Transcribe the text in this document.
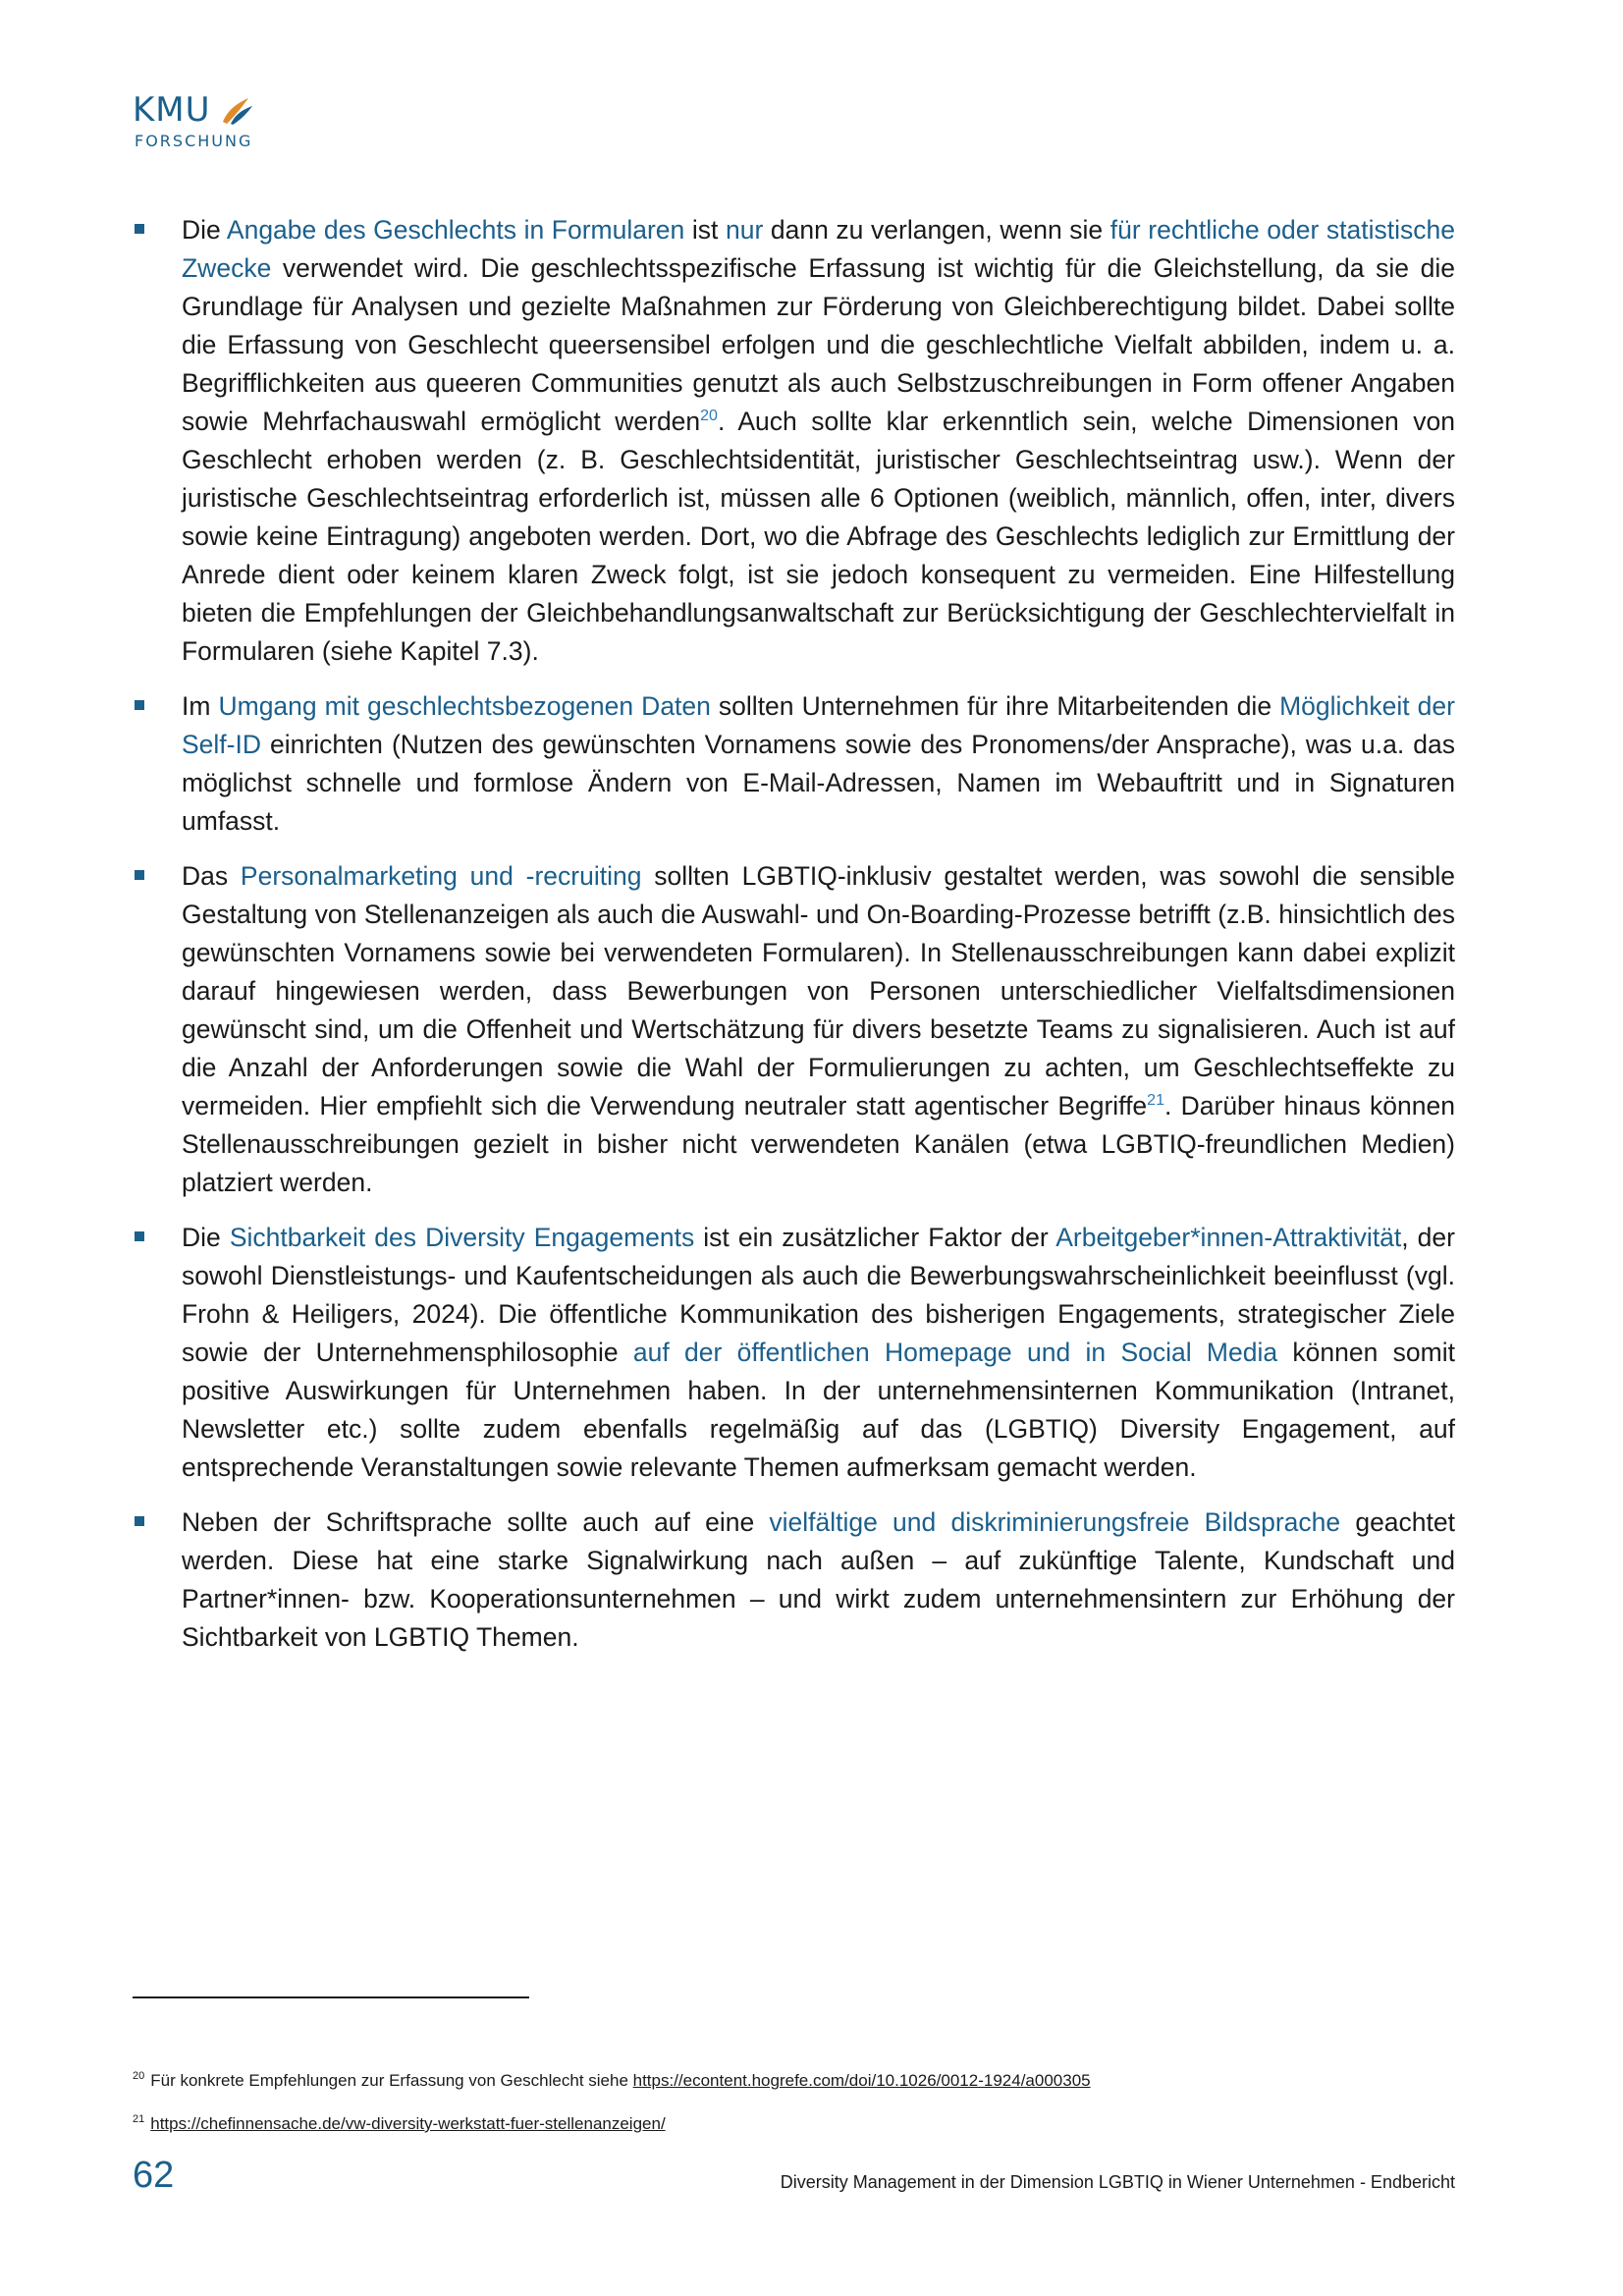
KMU
FORSCHUNG
Die Angabe des Geschlechts in Formularen ist nur dann zu verlangen, wenn sie für rechtliche oder statistische Zwecke verwendet wird. Die geschlechtsspezifische Erfassung ist wichtig für die Gleichstellung, da sie die Grundlage für Analysen und gezielte Maßnahmen zur Förderung von Gleichberechtigung bildet. Dabei sollte die Erfassung von Geschlecht queersensibel erfolgen und die geschlechtliche Vielfalt abbilden, indem u. a. Begrifflichkeiten aus queeren Communities genutzt als auch Selbstzuschreibungen in Form offener Angaben sowie Mehrfachauswahl ermöglicht werden$^{20}$. Auch sollte klar erkenntlich sein, welche Dimensionen von Geschlecht erhoben werden (z. B. Geschlechtsidentität, juristischer Geschlechtseintrag usw.). Wenn der juristische Geschlechtseintrag erforderlich ist, müssen alle 6 Optionen (weiblich, männlich, offen, inter, divers sowie keine Eintragung) angeboten werden. Dort, wo die Abfrage des Geschlechts lediglich zur Ermittlung der Anrede dient oder keinem klaren Zweck folgt, ist sie jedoch konsequent zu vermeiden. Eine Hilfestellung bieten die Empfehlungen der Gleichbehandlungsanwaltschaft zur Berücksichtigung der Geschlechtervielfalt in Formularen (siehe Kapitel 7.3).
Im Umgang mit geschlechtsbezogenen Daten sollten Unternehmen für ihre Mitarbeitenden die Möglichkeit der Self-ID einrichten (Nutzen des gewünschten Vornamens sowie des Pronomens/der Ansprache), was u.a. das möglichst schnelle und formlose Ändern von E-Mail-Adressen, Namen im Webauftritt und in Signaturen umfasst.
Das Personalmarketing und -recruiting sollten LGBTIQ-inklusiv gestaltet werden, was sowohl die sensible Gestaltung von Stellenanzeigen als auch die Auswahl- und On-Boarding-Prozesse betrifft (z.B. hinsichtlich des gewünschten Vornamens sowie bei verwendeten Formularen). In Stellenausschreibungen kann dabei explizit darauf hingewiesen werden, dass Bewerbungen von Personen unterschiedlicher Vielfaltsdimensionen gewünscht sind, um die Offenheit und Wertschätzung für divers besetzte Teams zu signalisieren. Auch ist auf die Anzahl der Anforderungen sowie die Wahl der Formulierungen zu achten, um Geschlechtseffekte zu vermeiden. Hier empfiehlt sich die Verwendung neutraler statt agentischer Begriffe$^{21}$. Darüber hinaus können Stellenausschreibungen gezielt in bisher nicht verwendeten Kanälen (etwa LGBTIQ-freundlichen Medien) platziert werden.
Die Sichtbarkeit des Diversity Engagements ist ein zusätzlicher Faktor der Arbeitgeber*innen-Attraktivität, der sowohl Dienstleistungs- und Kaufentscheidungen als auch die Bewerbungswahrscheinlichkeit beeinflusst (vgl. Frohn & Heiligers, 2024). Die öffentliche Kommunikation des bisherigen Engagements, strategischer Ziele sowie der Unternehmensphilosophie auf der öffentlichen Homepage und in Social Media können somit positive Auswirkungen für Unternehmen haben. In der unternehmensinternen Kommunikation (Intranet, Newsletter etc.) sollte zudem ebenfalls regelmäßig auf das (LGBTIQ) Diversity Engagement, auf entsprechende Veranstaltungen sowie relevante Themen aufmerksam gemacht werden.
Neben der Schriftsprache sollte auch auf eine vielfältige und diskriminierungsfreie Bildsprache geachtet werden. Diese hat eine starke Signalwirkung nach außen – auf zukünftige Talente, Kundschaft und Partner*innen- bzw. Kooperationsunternehmen – und wirkt zudem unternehmensintern zur Erhöhung der Sichtbarkeit von LGBTIQ Themen.
$^{20}$ Für konkrete Empfehlungen zur Erfassung von Geschlecht siehe https://econtent.hogrefe.com/doi/10.1026/0012-1924/a000305
$^{21}$ https://chefinnensache.de/vw-diversity-werkstatt-fuer-stellenanzeigen/
62	Diversity Management in der Dimension LGBTIQ in Wiener Unternehmen - Endbericht
